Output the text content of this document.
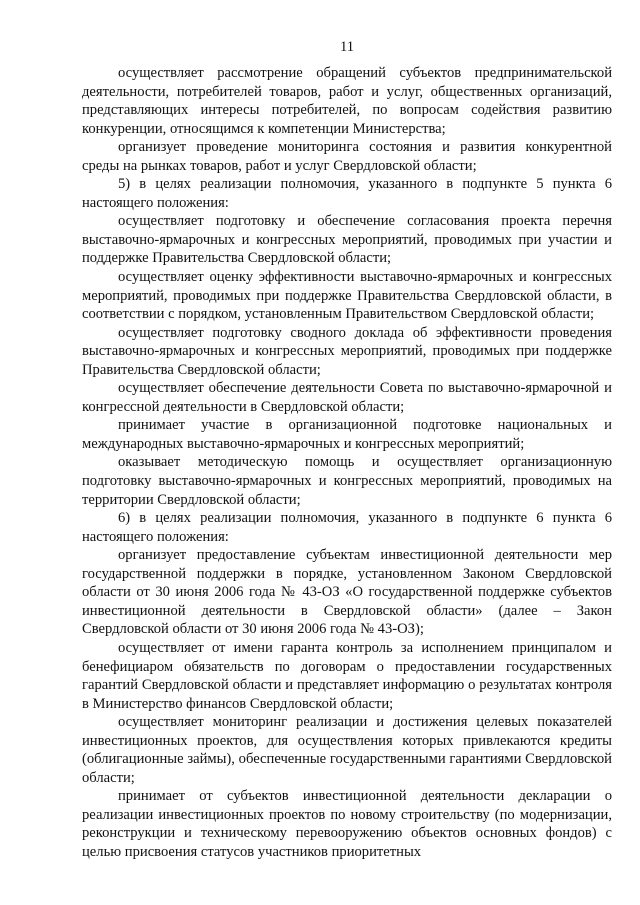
11

осуществляет рассмотрение обращений субъектов предпринимательской деятельности, потребителей товаров, работ и услуг, общественных организаций, представляющих интересы потребителей, по вопросам содействия развитию конкуренции, относящимся к компетенции Министерства;

организует проведение мониторинга состояния и развития конкурентной среды на рынках товаров, работ и услуг Свердловской области;

5) в целях реализации полномочия, указанного в подпункте 5 пункта 6 настоящего положения:

осуществляет подготовку и обеспечение согласования проекта перечня выставочно-ярмарочных и конгрессных мероприятий, проводимых при участии и поддержке Правительства Свердловской области;

осуществляет оценку эффективности выставочно-ярмарочных и конгрессных мероприятий, проводимых при поддержке Правительства Свердловской области, в соответствии с порядком, установленным Правительством Свердловской области;

осуществляет подготовку сводного доклада об эффективности проведения выставочно-ярмарочных и конгрессных мероприятий, проводимых при поддержке Правительства Свердловской области;

осуществляет обеспечение деятельности Совета по выставочно-ярмарочной и конгрессной деятельности в Свердловской области;

принимает участие в организационной подготовке национальных и международных выставочно-ярмарочных и конгрессных мероприятий;

оказывает методическую помощь и осуществляет организационную подготовку выставочно-ярмарочных и конгрессных мероприятий, проводимых на территории Свердловской области;

6) в целях реализации полномочия, указанного в подпункте 6 пункта 6 настоящего положения:

организует предоставление субъектам инвестиционной деятельности мер государственной поддержки в порядке, установленном Законом Свердловской области от 30 июня 2006 года № 43-ОЗ «О государственной поддержке субъектов инвестиционной деятельности в Свердловской области» (далее – Закон Свердловской области от 30 июня 2006 года № 43-ОЗ);

осуществляет от имени гаранта контроль за исполнением принципалом и бенефициаром обязательств по договорам о предоставлении государственных гарантий Свердловской области и представляет информацию о результатах контроля в Министерство финансов Свердловской области;

осуществляет мониторинг реализации и достижения целевых показателей инвестиционных проектов, для осуществления которых привлекаются кредиты (облигационные займы), обеспеченные государственными гарантиями Свердловской области;

принимает от субъектов инвестиционной деятельности декларации о реализации инвестиционных проектов по новому строительству (по модернизации, реконструкции и техническому перевооружению объектов основных фондов) с целью присвоения статусов участников приоритетных
